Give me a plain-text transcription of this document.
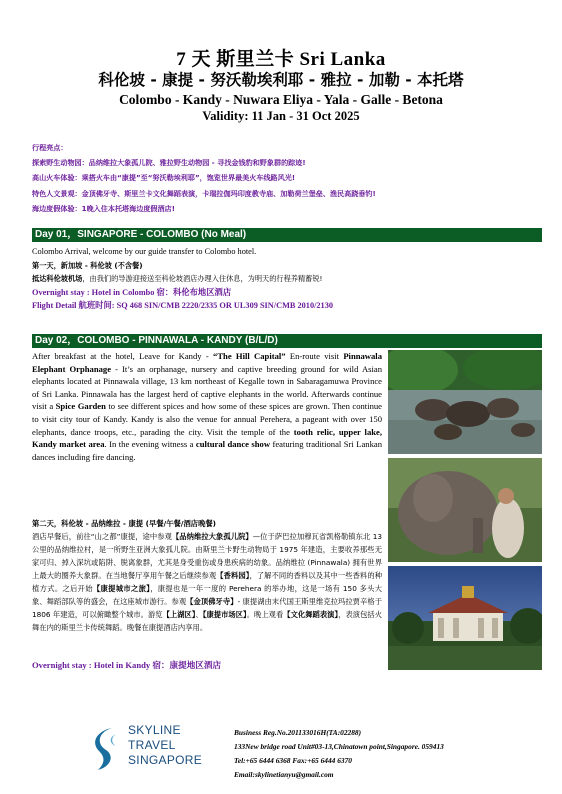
7 天 斯里兰卡 Sri Lanka
科伦坡 - 康提 - 努沃勒埃利耶 - 雅拉 - 加勒 - 本托塔
Colombo - Kandy - Nuwara Eliya - Yala - Galle - Betona
Validity: 11 Jan - 31 Oct 2025
行程亮点：
探索野生动物园：品纳维拉大象孤儿院、雅拉野生动物园 - 寻找金钱豹和野象群的踪迹!
高山火车体验：乘搭火车由“康提”至“努沃勒埃利耶”，饱览世界最美火车线路风光!
特色人文景观：金顶佛牙寺、斯里兰卡文化舞蹈表演，卡瑞拉伽玛印度教寺庙、加勒荷兰堡垒、渔民高跷垂钓!
海边度假体验：1晚入住本托塔海边度假酒店!
Day 01，SINGAPORE - COLOMBO (No Meal)
Colombo Arrival, welcome by our guide transfer to Colombo hotel.
第一天，新加坡 - 科伦坡 (不含餐)
抵达科伦坡机场，由我们的导游迎接送至科伦坡酒店办理入住休息，为明天的行程养精蓄锐!
Overnight stay : Hotel in Colombo 宿：科伦布地区酒店
Flight Detail 航班时间: SQ 468 SIN/CMB 2220/2335 OR UL309 SIN/CMB 2010/2130
Day 02，COLOMBO - PINNAWALA - KANDY (B/L/D)
After breakfast at the hotel, Leave for Kandy - “The Hill Capital” En-route visit Pinnawala Elephant Orphanage - It’s an orphanage, nursery and captive breeding ground for wild Asian elephants located at Pinnawala village, 13 km northeast of Kegalle town in Sabaragamuwa Province of Sri Lanka. Pinnawala has the largest herd of captive elephants in the world. Afterwards continue visit a Spice Garden to see different spices and how some of these spices are grown. Then continue to visit city tour of Kandy. Kandy is also the venue for annual Perehera, a pageant with over 150 elephants, dance troops, etc., parading the city. Visit the temple of the tooth relic, upper lake, Kandy market area. In the evening witness a cultural dance show featuring traditional Sri Lankan dances including fire dancing.
第二天，科伦坡 - 品纳维拉 - 康提 (早餐/午餐/酒店晚餐)
酒店早餐后，前往“山之都”康提，途中参观【品纳维拉大象孤儿院】—位于萨巴拉加穆瓦省凯格勒镇东北 13 公里的品纳维拉村，是一所野生亚洲大象孤儿院。由斯里兰卡野生动物局于 1975 年建造，主要收养那些无家可归、掉入深坑或陷阱、脱离象群，尤其是身受重伤或身患疾病的幼象。品纳维拉 (Pinnawala) 拥有世界上最大的圈养大象群。在当地餐厅享用午餐之后继续参观【香料园】，了解不同的香料以及其中一些香料的种植方式。之后开始【康提城市之旅】，康提也是一年一度的 Perehera 的举办地，这是一场有 150 多头大象、舞蹈部队等的盛会，在这座城市游行。参观【金顶佛牙寺】- 康提湖由末代国王斯里维克拉玛拉贾辛格于 1806 年建造，可以俯瞰整个城市。游览【上湖区】、【康提市场区】。晚上观看【文化舞蹈表演】，表演包括火舞在内的斯里兰卡传统舞蹈。晚餐在康提酒店内享用。
Overnight stay : Hotel in Kandy 宿：康提地区酒店
SKYLINE
TRAVEL
SINGAPORE
Business Reg.No.201133016H(TA:02288)
133New bridge road Unit#03-13,Chinatown point,Singapore. 059413
Tel:+65 6444 6368 Fax:+65 6444 6370
Email:skylinetianyu@gmail.com
